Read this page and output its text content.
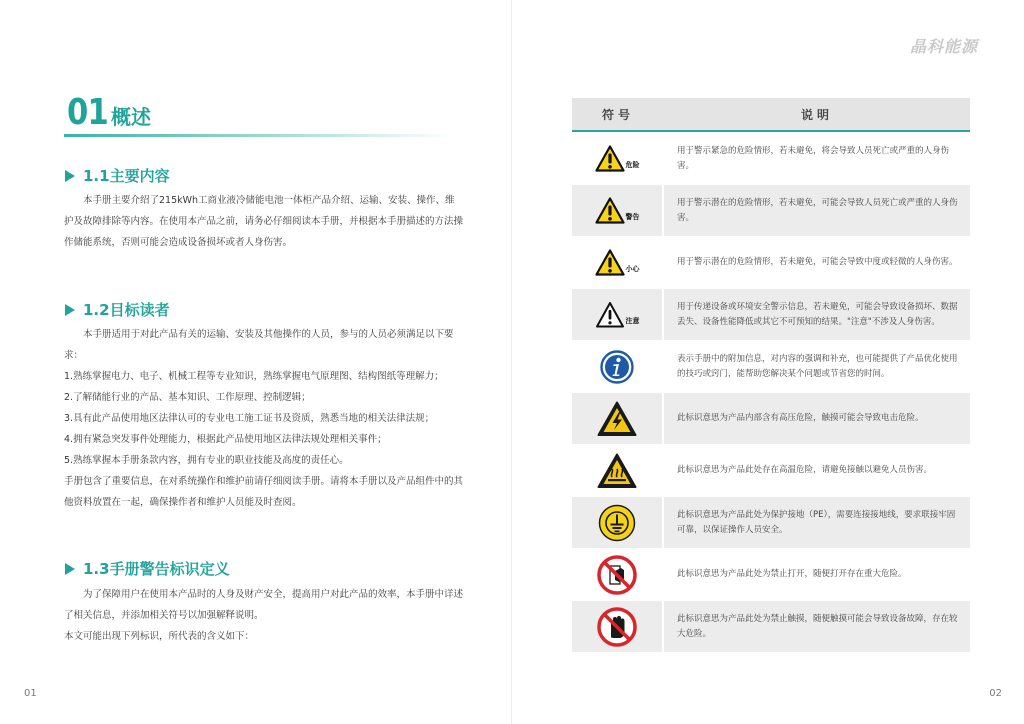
01 概述
1.1主要内容

本手册主要介绍了215kWh工商业液冷储能电池一体柜产品介绍、运输、安装、操作、维护及故障排除等内容。在使用本产品之前，请务必仔细阅读本手册，并根据本手册描述的方法操作储能系统，否则可能会造成设备损坏或者人身伤害。

1.2目标读者

本手册适用于对此产品有关的运输、安装及其他操作的人员，参与的人员必须满足以下要求：

1.熟练掌握电力、电子、机械工程等专业知识，熟练掌握电气原理图、结构图纸等理解力；

2.了解储能行业的产品、基本知识、工作原理、控制逻辑；

3.具有此产品使用地区法律认可的专业电工施工证书及资质，熟悉当地的相关法律法规；

4.拥有紧急突发事件处理能力，根据此产品使用地区法律法规处理相关事件；

5.熟练掌握本手册条款内容，拥有专业的职业技能及高度的责任心。

手册包含了重要信息，在对系统操作和维护前请仔细阅读手册。请将本手册以及产品组件中的其他资料放置在一起，确保操作者和维护人员能及时查阅。

1.3手册警告标识定义

为了保障用户在使用本产品时的人身及财产安全，提高用户对此产品的效率，本手册中详述了相关信息，并添加相关符号以加强解释说明。

本文可能出现下列标识，所代表的含义如下：

01
晶科能源
02
符号	说明
危险
用于警示紧急的危险情形，若未避免，将会导致人员死亡或严重的人身伤害。
警告
用于警示潜在的危险情形，若未避免，可能会导致人员死亡或严重的人身伤害。
小心
用于警示潜在的危险情形，若未避免，可能会导致中度或轻微的人身伤害。
注意
用于传递设备或环境安全警示信息，若未避免，可能会导致设备损坏、数据丢失、设备性能降低或其它不可预知的结果。"注意"不涉及人身伤害。
表示手册中的附加信息，对内容的强调和补充，也可能提供了产品优化使用的技巧或窍门，能帮助您解决某个问题或节省您的时间。
此标识意思为产品内部含有高压危险，触摸可能会导致电击危险。
此标识意思为产品此处存在高温危险，请避免接触以避免人员伤害。
此标识意思为产品此处为保护接地（PE），需要连接接地线，要求联接牢固可靠，以保证操作人员安全。
此标识意思为产品此处为禁止打开，随便打开存在重大危险。
此标识意思为产品此处为禁止触摸，随便触摸可能会导致设备故障，存在较大危险。
